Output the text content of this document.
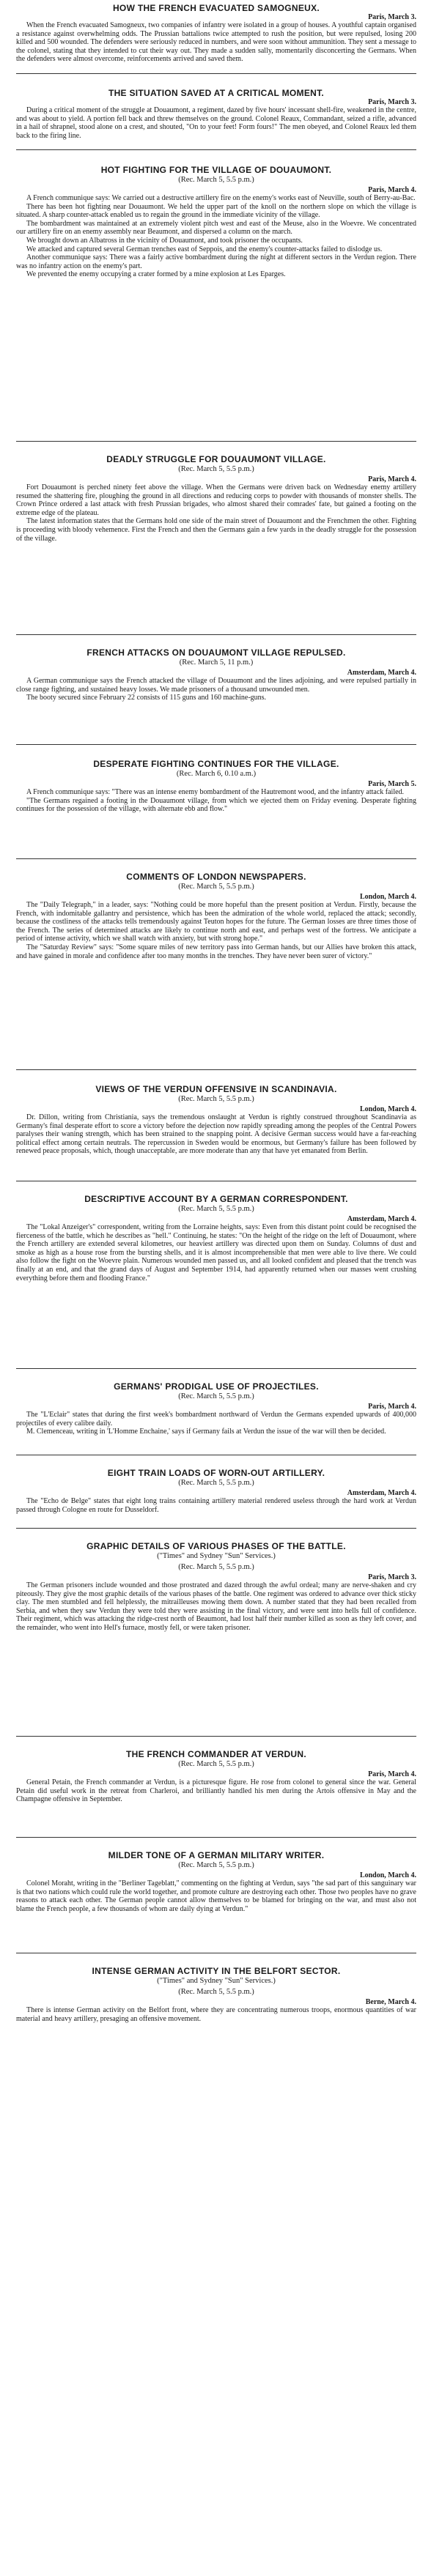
HOW THE FRENCH EVACUATED SAMOGNEUX.

Paris, March 3.

When the French evacuated Samogneux, two companies of infantry were isolated in a group of houses. A youthful captain organised a resistance against overwhelming odds. The Prussian battalions twice attempted to rush the position, but were repulsed, losing 200 killed and 500 wounded. The defenders were seriously reduced in numbers, and were soon without ammunition. They sent a message to the colonel, stating that they intended to cut their way out. They made a sudden sally, momentarily disconcerting the Germans. When the defenders were almost overcome, reinforcements arrived and saved them.

THE SITUATION SAVED AT A CRITICAL MOMENT.

Paris, March 3.

During a critical moment of the struggle at Douaumont, a regiment, dazed by five hours' incessant shell-fire, weakened in the centre, and was about to yield. A portion fell back and threw themselves on the ground. Colonel Reaux, Commandant, seized a rifle, advanced in a hail of shrapnel, stood alone on a crest, and shouted, "On to your feet! Form fours!" The men obeyed, and Colonel Reaux led them back to the firing line.

HOT FIGHTING FOR THE VILLAGE OF DOUAUMONT.

(Rec. March 5, 5.5 p.m.)

Paris, March 4.

A French communique says: We carried out a destructive artillery fire on the enemy's works east of Neuville, south of Berry-au-Bac.

There has been hot fighting near Douaumont. We held the upper part of the knoll on the northern slope on which the village is situated. A sharp counter-attack enabled us to regain the ground in the immediate vicinity of the village.

The bombardment was maintained at an extremely violent pitch west and east of the Meuse, also in the Woevre. We concentrated our artillery fire on an enemy assembly near Beaumont, and dispersed a column on the march.

We brought down an Albatross in the vicinity of Douaumont, and took prisoner the occupants.

We attacked and captured several German trenches east of Seppois, and the enemy's counter-attacks failed to dislodge us.

Another communique says: There was a fairly active bombardment during the night at different sectors in the Verdun region. There was no infantry action on the enemy's part.

We prevented the enemy occupying a crater formed by a mine explosion at Les Eparges.

DEADLY STRUGGLE FOR DOUAUMONT VILLAGE.

(Rec. March 5, 5.5 p.m.)

Paris, March 4.

Fort Douaumont is perched ninety feet above the village. When the Germans were driven back on Wednesday enemy artillery resumed the shattering fire, ploughing the ground in all directions and reducing corps to powder with thousands of monster shells. The Crown Prince ordered a last attack with fresh Prussian brigades, who almost shared their comrades' fate, but gained a footing on the extreme edge of the plateau.

The latest information states that the Germans hold one side of the main street of Douaumont and the Frenchmen the other. Fighting is proceeding with bloody vehemence. First the French and then the Germans gain a few yards in the deadly struggle for the possession of the village.

FRENCH ATTACKS ON DOUAUMONT VILLAGE REPULSED.

(Rec. March 5, 11 p.m.)

Amsterdam, March 4.

A German communique says the French attacked the village of Douaumont and the lines adjoining, and were repulsed partially in close range fighting, and sustained heavy losses. We made prisoners of a thousand unwounded men.

The booty secured since February 22 consists of 115 guns and 160 machine-guns.

DESPERATE FIGHTING CONTINUES FOR THE VILLAGE.

(Rec. March 6, 0.10 a.m.)

Paris, March 5.

A French communique says: "There was an intense enemy bombardment of the Hautremont wood, and the infantry attack failed.

"The Germans regained a footing in the Douaumont village, from which we ejected them on Friday evening. Desperate fighting continues for the possession of the village, with alternate ebb and flow."

COMMENTS OF LONDON NEWSPAPERS.

(Rec. March 5, 5.5 p.m.)

London, March 4.

The "Daily Telegraph," in a leader, says: "Nothing could be more hopeful than the present position at Verdun. Firstly, because the French, with indomitable gallantry and persistence, which has been the admiration of the whole world, replaced the attack; secondly, because the costliness of the attacks tells tremendously against Teuton hopes for the future. The German losses are three times those of the French. The series of determined attacks are likely to continue north and east, and perhaps west of the fortress. We anticipate a period of intense activity, which we shall watch with anxiety, but with strong hope."

The "Saturday Review" says: "Some square miles of new territory pass into German hands, but our Allies have broken this attack, and have gained in morale and confidence after too many months in the trenches. They have never been surer of victory."

VIEWS OF THE VERDUN OFFENSIVE IN SCANDINAVIA.

(Rec. March 5, 5.5 p.m.)

London, March 4.

Dr. Dillon, writing from Christiania, says the tremendous onslaught at Verdun is rightly construed throughout Scandinavia as Germany's final desperate effort to score a victory before the dejection now rapidly spreading among the peoples of the Central Powers paralyses their waning strength, which has been strained to the snapping point. A decisive German success would have a far-reaching political effect among certain neutrals. The repercussion in Sweden would be enormous, but Germany's failure has been followed by renewed peace proposals, which, though unacceptable, are more moderate than any that have yet emanated from Berlin.

DESCRIPTIVE ACCOUNT BY A GERMAN CORRESPONDENT.

(Rec. March 5, 5.5 p.m.)

Amsterdam, March 4.

The "Lokal Anzeiger's" correspondent, writing from the Lorraine heights, says: Even from this distant point could be recognised the fierceness of the battle, which he describes as "hell." Continuing, he states: "On the height of the ridge on the left of Douaumont, where the French artillery are extended several kilometres, our heaviest artillery was directed upon them on Sunday. Columns of dust and smoke as high as a house rose from the bursting shells, and it is almost incomprehensible that men were able to live there. We could also follow the fight on the Woevre plain. Numerous wounded men passed us, and all looked confident and pleased that the trench was finally at an end, and that the grand days of August and September 1914, had apparently returned when our masses went crushing everything before them and flooding France."

GERMANS' PRODIGAL USE OF PROJECTILES.

(Rec. March 5, 5.5 p.m.)

Paris, March 4.

The "L'Eclair" states that during the first week's bombardment northward of Verdun the Germans expended upwards of 400,000 projectiles of every calibre daily.

M. Clemenceau, writing in 'L'Homme Enchaine,' says if Germany fails at Verdun the issue of the war will then be decided.

EIGHT TRAIN LOADS OF WORN-OUT ARTILLERY.

(Rec. March 5, 5.5 p.m.)

Amsterdam, March 4.

The "Echo de Belge" states that eight long trains containing artillery material rendered useless through the hard work at Verdun passed through Cologne en route for Dusseldorf.

GRAPHIC DETAILS OF VARIOUS PHASES OF THE BATTLE.

("Times" and Sydney "Sun" Services.)

(Rec. March 5, 5.5 p.m.)

Paris, March 3.

The German prisoners include wounded and those prostrated and dazed through the awful ordeal; many are nerve-shaken and cry piteously. They give the most graphic details of the various phases of the battle. One regiment was ordered to advance over thick sticky clay. The men stumbled and fell helplessly, the mitrailleuses mowing them down. A number stated that they had been recalled from Serbia, and when they saw Verdun they were told they were assisting in the final victory, and were sent into hells full of confidence. Their regiment, which was attacking the ridge-crest north of Beaumont, had lost half their number killed as soon as they left cover, and the remainder, who went into Hell's furnace, mostly fell, or were taken prisoner.

THE FRENCH COMMANDER AT VERDUN.

(Rec. March 5, 5.5 p.m.)

Paris, March 4.

General Petain, the French commander at Verdun, is a picturesque figure. He rose from colonel to general since the war. General Petain did useful work in the retreat from Charleroi, and brilliantly handled his men during the Artois offensive in May and the Champagne offensive in September.

MILDER TONE OF A GERMAN MILITARY WRITER.

(Rec. March 5, 5.5 p.m.)

London, March 4.

Colonel Moraht, writing in the "Berliner Tageblatt," commenting on the fighting at Verdun, says "the sad part of this sanguinary war is that two nations which could rule the world together, and promote culture are destroying each other. Those two peoples have no grave reasons to attack each other. The German people cannot allow themselves to be blamed for bringing on the war, and must also not blame the French people, a few thousands of whom are daily dying at Verdun."

INTENSE GERMAN ACTIVITY IN THE BELFORT SECTOR.

("Times" and Sydney "Sun" Services.)

(Rec. March 5, 5.5 p.m.)

Berne, March 4.

There is intense German activity on the Belfort front, where they are concentrating numerous troops, enormous quantities of war material and heavy artillery, presaging an offensive movement.
